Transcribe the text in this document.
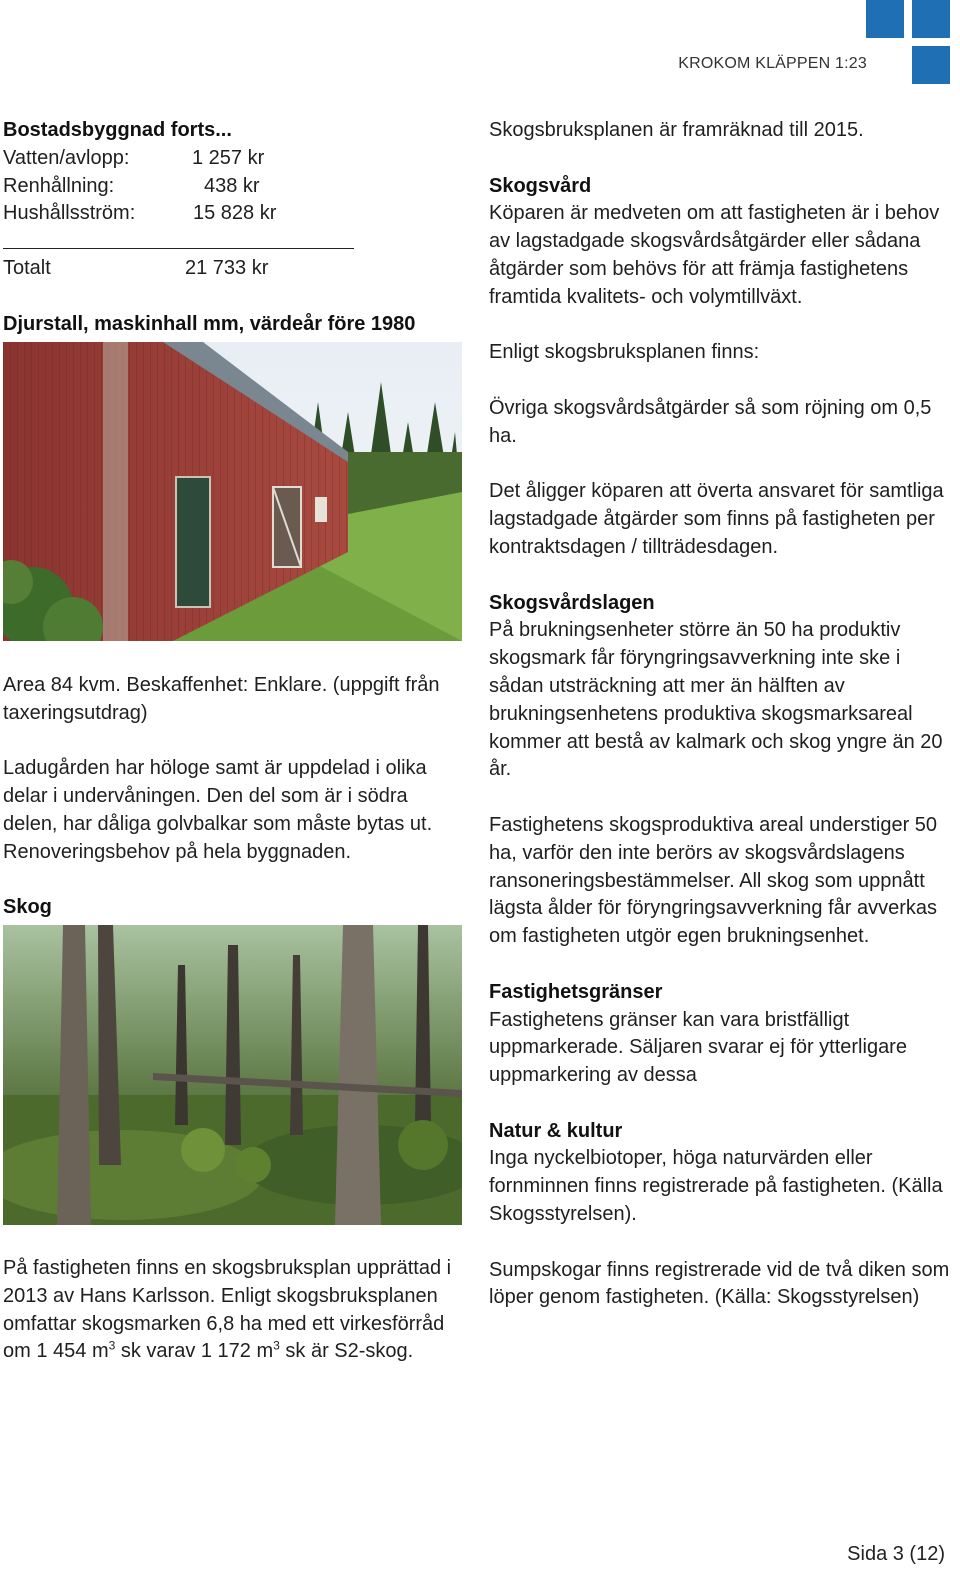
KROKOM KLÄPPEN 1:23

Bostadsbyggnad forts...

Vatten/avlopp:	1 257 kr
Renhållning:	438 kr
Hushållsström:	15 828 kr
Totalt	21 733 kr

Djurstall, maskinhall mm, värdeår före 1980

Area 84 kvm. Beskaffenhet: Enklare. (uppgift från taxeringsutdrag)

Ladugården har hölоge samt är uppdelad i olika delar i undervåningen. Den del som är i södra delen, har dåliga golvbalkar som måste bytas ut. Renoveringsbehov på hela byggnaden.

Skog

På fastigheten finns en skogsbruksplan upprättad i 2013 av Hans Karlsson. Enligt skogsbruksplanen omfattar skogsmarken 6,8 ha med ett virkesförråd om 1 454 $m^3$ sk varav 1 172 $m^3$ sk är S2-skog.

Skogsbruksplanen är framräknad till 2015.

Skogsvård

Köparen är medveten om att fastigheten är i behov av lagstadgade skogsvårdsåtgärder eller sådana åtgärder som behövs för att främja fastighetens framtida kvalitets- och volymtillväxt.

Enligt skogsbruksplanen finns:

Övriga skogsvårdsåtgärder så som röjning om 0,5 ha.

Det åligger köparen att överta ansvaret för samtliga lagstadgade åtgärder som finns på fastigheten per kontraktsdagen / tillträdesdagen.

Skogsvårdslagen

På brukningsenheter större än 50 ha produktiv skogsmark får föryngringsavverkning inte ske i sådan utsträckning att mer än hälften av brukningsenhetens produktiva skogsmarksareal kommer att bestå av kalmark och skog yngre än 20 år.

Fastighetens skogsproduktiva areal understiger 50 ha, varför den inte berörs av skogsvårdslagens ransoneringsbestämmelser. All skog som uppnått lägsta ålder för föryngringsavverkning får avverkas om fastigheten utgör egen brukningsenhet.

Fastighetsgränser

Fastighetens gränser kan vara bristfälligt uppmarkerade. Säljaren svarar ej för ytterligare uppmarkering av dessa

Natur & kultur

Inga nyckelbiotoper, höga naturvärden eller fornminnen finns registrerade på fastigheten. (Källa Skogsstyrelsen).

Sumpskogar finns registrerade vid de två diken som löper genom fastigheten. (Källa: Skogsstyrelsen)

Sida 3 (12)
